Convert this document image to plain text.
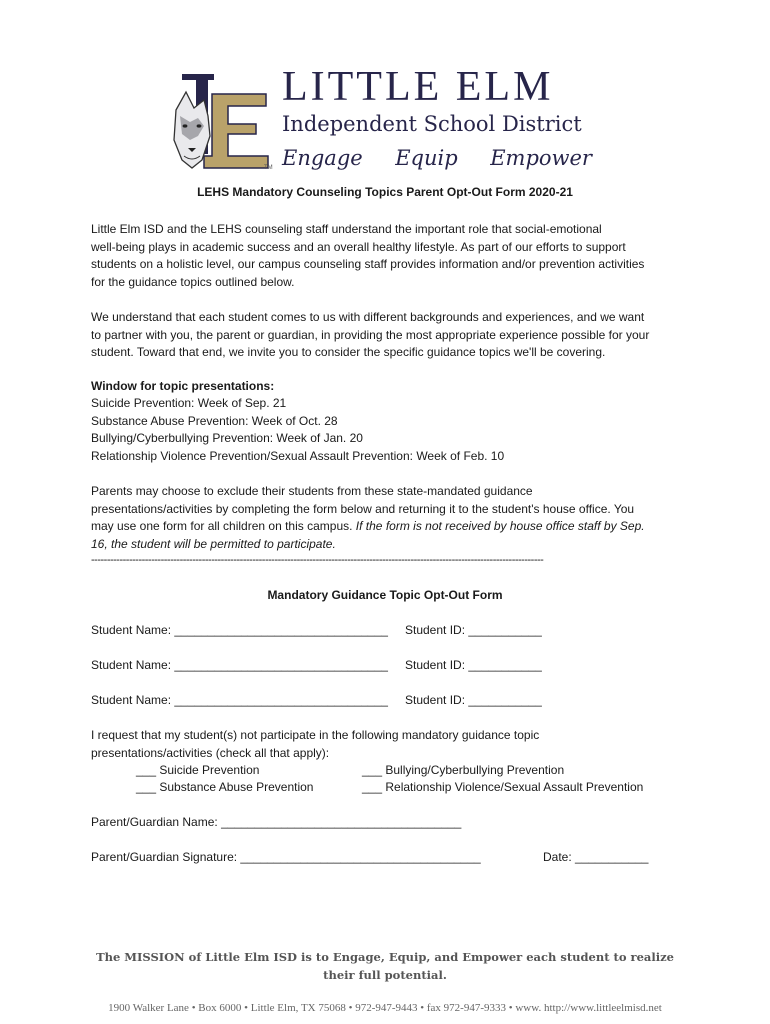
TM
LITTLE ELM
Independent School District
Engage Equip Empower
LEHS Mandatory Counseling Topics Parent Opt-Out Form 2020-21
Little Elm ISD and the LEHS counseling staff understand the important role that social-emotional
well-being plays in academic success and an overall healthy lifestyle. As part of our efforts to support
students on a holistic level, our campus counseling staff provides information and/or prevention activities
for the guidance topics outlined below.
We understand that each student comes to us with different backgrounds and experiences, and we want
to partner with you, the parent or guardian, in providing the most appropriate experience possible for your
student. Toward that end, we invite you to consider the specific guidance topics we'll be covering.
Window for topic presentations:
Suicide Prevention: Week of Sep. 21
Substance Abuse Prevention: Week of Oct. 28
Bullying/Cyberbullying Prevention: Week of Jan. 20
Relationship Violence Prevention/Sexual Assault Prevention: Week of Feb. 10
Parents may choose to exclude their students from these state-mandated guidance
presentations/activities by completing the form below and returning it to the student's house office. You
may use one form for all children on this campus. If the form is not received by house office staff by Sep.
16, the student will be permitted to participate.
-----------------------------------------------------------------------------------------------------------------------------------------------
Mandatory Guidance Topic Opt-Out Form
Student Name: ________________________________ Student ID: ___________
Student Name: ________________________________ Student ID: ___________
Student Name: ________________________________ Student ID: ___________
I request that my student(s) not participate in the following mandatory guidance topic
presentations/activities (check all that apply):
___ Suicide Prevention
___ Substance Abuse Prevention
___ Bullying/Cyberbullying Prevention
___ Relationship Violence/Sexual Assault Prevention
Parent/Guardian Name: ____________________________________
Parent/Guardian Signature: ____________________________________	Date: ___________
The MISSION of Little Elm ISD is to Engage, Equip, and Empower each student to realize their full potential.
1900 Walker Lane • Box 6000 • Little Elm, TX 75068 • 972-947-9443 • fax 972-947-9333 • www. http://www.littleelmisd.net
